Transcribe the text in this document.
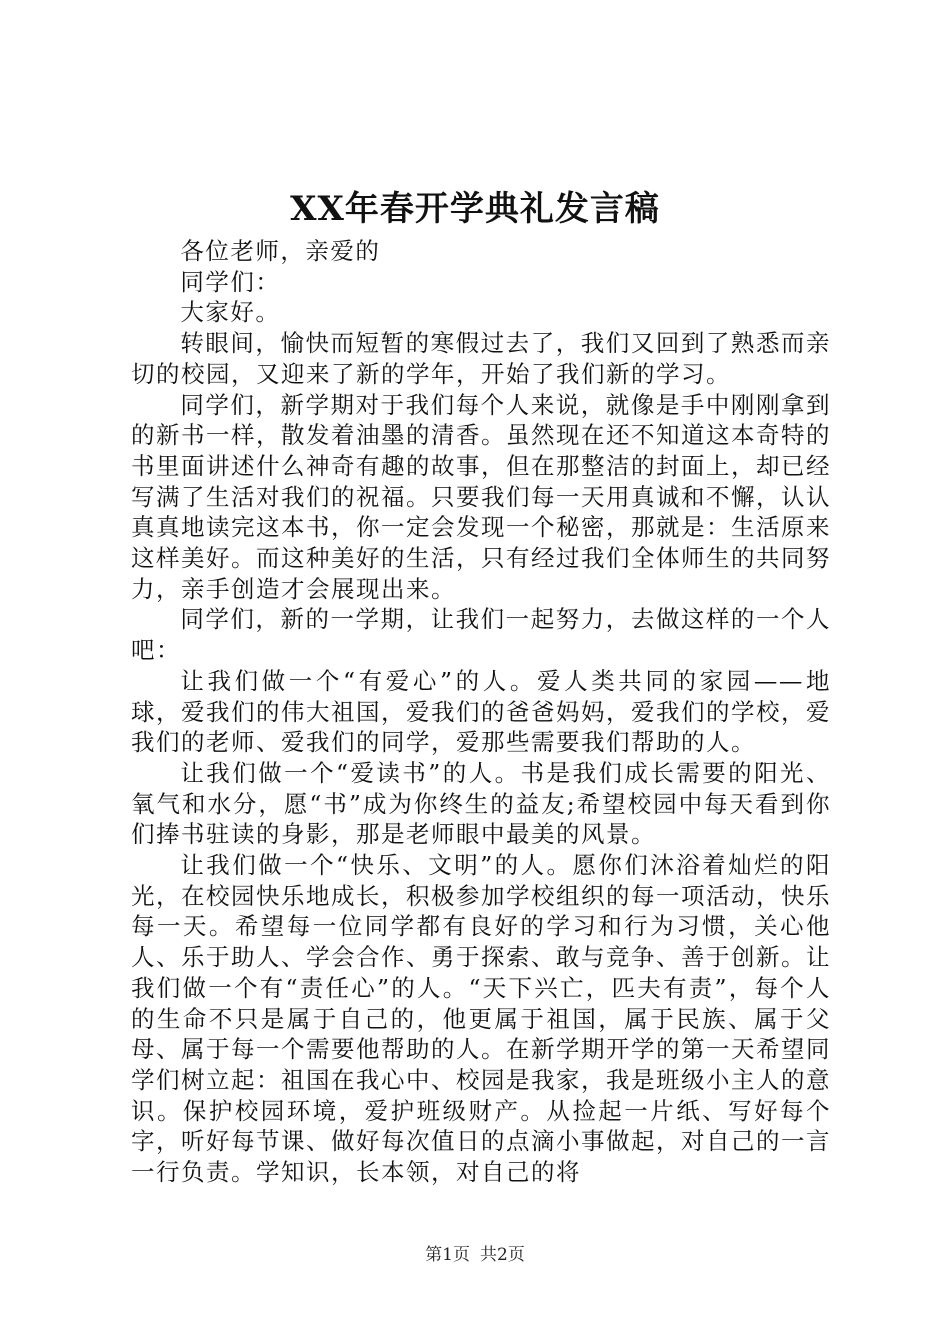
XX年春开学典礼发言稿

各位老师，亲爱的

同学们：

大家好。

转眼间，愉快而短暂的寒假过去了，我们又回到了熟悉而亲切的校园，又迎来了新的学年，开始了我们新的学习。

同学们，新学期对于我们每个人来说，就像是手中刚刚拿到的新书一样，散发着油墨的清香。虽然现在还不知道这本奇特的书里面讲述什么神奇有趣的故事，但在那整洁的封面上，却已经写满了生活对我们的祝福。只要我们每一天用真诚和不懈，认认真真地读完这本书，你一定会发现一个秘密，那就是：生活原来这样美好。而这种美好的生活，只有经过我们全体师生的共同努力，亲手创造才会展现出来。

同学们，新的一学期，让我们一起努力，去做这样的一个人吧：

让我们做一个“有爱心”的人。爱人类共同的家园——地球，爱我们的伟大祖国，爱我们的爸爸妈妈，爱我们的学校，爱我们的老师、爱我们的同学，爱那些需要我们帮助的人。

让我们做一个“爱读书”的人。书是我们成长需要的阳光、氧气和水分，愿“书”成为你终生的益友;希望校园中每天看到你们捧书驻读的身影，那是老师眼中最美的风景。

让我们做一个“快乐、文明”的人。愿你们沐浴着灿烂的阳光，在校园快乐地成长，积极参加学校组织的每一项活动，快乐每一天。希望每一位同学都有良好的学习和行为习惯，关心他人、乐于助人、学会合作、勇于探索、敢与竞争、善于创新。让我们做一个有“责任心”的人。“天下兴亡，匹夫有责”，每个人的生命不只是属于自己的，他更属于祖国，属于民族、属于父母、属于每一个需要他帮助的人。在新学期开学的第一天希望同学们树立起：祖国在我心中、校园是我家，我是班级小主人的意识。保护校园环境，爱护班级财产。从捡起一片纸、写好每个字，听好每节课、做好每次值日的点滴小事做起，对自己的一言一行负责。学知识，长本领，对自己的将

第1页 共2页
